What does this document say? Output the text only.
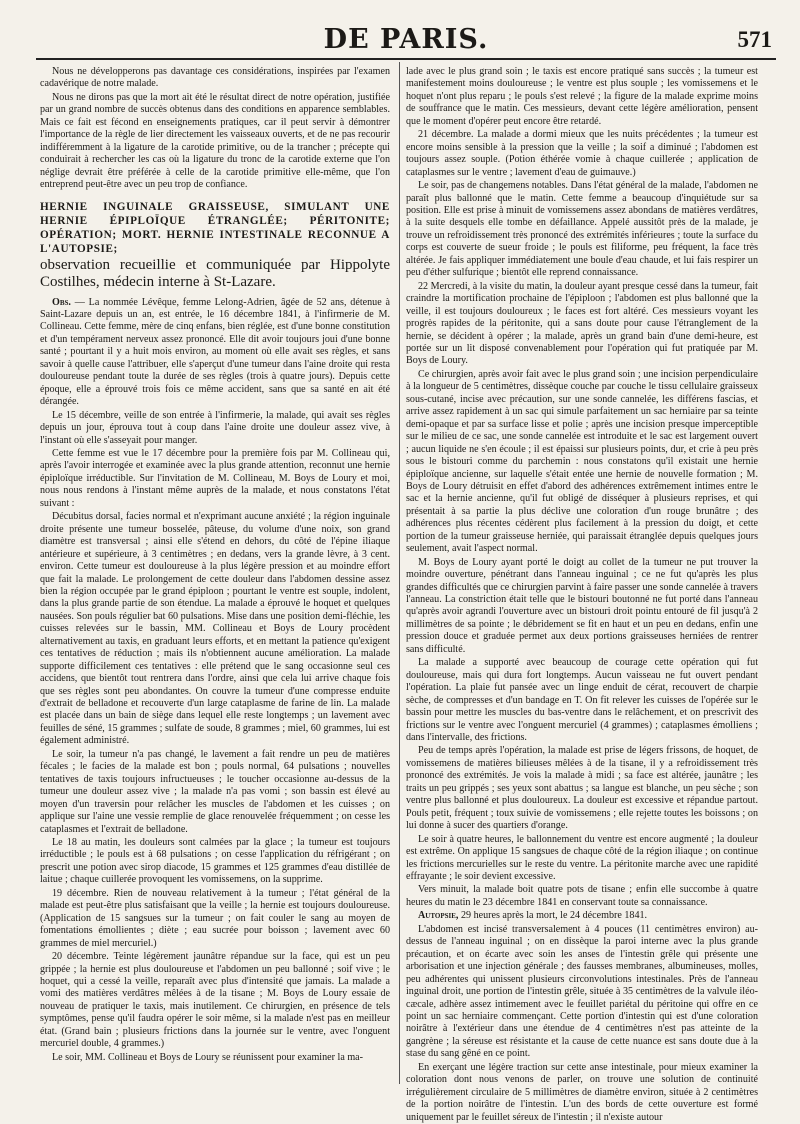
DE PARIS.	571

Nous ne développerons pas davantage ces considérations, inspirées par l'examen cadavérique de notre malade.

Nous ne dirons pas que la mort ait été le résultat direct de notre opération, justifiée par un grand nombre de succès obtenus dans des conditions en apparence semblables. Mais ce fait est fécond en enseignements pratiques, car il peut servir à démontrer l'importance de la règle de lier directement les vaisseaux ouverts, et de ne pas recourir indifféremment à la ligature de la carotide primitive, ou de la trancher ; précepte qui conduirait à rechercher les cas où la ligature du tronc de la carotide externe que l'on néglige devrait être préférée à celle de la carotide primitive elle-même, que l'on entreprend peut-être avec un peu trop de confiance.

HERNIE INGUINALE GRAISSEUSE, SIMULANT UNE HERNIE ÉPIPLOÏQUE ÉTRANGLÉE; PÉRITONITE; OPÉRATION; MORT. HERNIE INTESTINALE RECONNUE A L'AUTOPSIE;

observation recueillie et communiquée par Hippolyte Costilhes, médecin interne à St-Lazare.

Obs. — La nommée Lévêque, femme Lelong-Adrien, âgée de 52 ans, détenue à Saint-Lazare depuis un an, est entrée, le 16 décembre 1841, à l'infirmerie de M. Collineau. Cette femme, mère de cinq enfans, bien réglée, est d'une bonne constitution et d'un tempérament nerveux assez prononcé. Elle dit avoir toujours joui d'une bonne santé ; pourtant il y a huit mois environ, au moment où elle avait ses règles, et sans savoir à quelle cause l'attribuer, elle s'aperçut d'une tumeur dans l'aine droite qui resta douloureuse pendant toute la durée de ses règles (trois à quatre jours). Depuis cette époque, elle a éprouvé trois fois ce même accident, sans que sa santé en ait été dérangée.

Le 15 décembre, veille de son entrée à l'infirmerie, la malade, qui avait ses règles depuis un jour, éprouva tout à coup dans l'aine droite une douleur assez vive, à l'instant où elle s'asseyait pour manger.

Cette femme est vue le 17 décembre pour la première fois par M. Collineau qui, après l'avoir interrogée et examinée avec la plus grande attention, reconnut une hernie épiploïque irréductible. Sur l'invitation de M. Collineau, M. Boys de Loury et moi, nous nous rendons à l'instant même auprès de la malade, et nous constatons l'état suivant :

Décubitus dorsal, facies normal et n'exprimant aucune anxiété ; la région inguinale droite présente une tumeur bosselée, pâteuse, du volume d'une noix, son grand diamètre est transversal ; ainsi elle s'étend en dehors, du côté de l'épine iliaque antérieure et supérieure, à 3 centimètres ; en dedans, vers la grande lèvre, à 3 cent. environ. Cette tumeur est douloureuse à la plus légère pression et au moindre effort que fait la malade. Le prolongement de cette douleur dans l'abdomen dessine assez bien la région occupée par le grand épiploon ; pourtant le ventre est souple, indolent, dans la plus grande partie de son étendue. La malade a éprouvé le hoquet et quelques nausées. Son pouls régulier bat 60 pulsations. Mise dans une position demi-fléchie, les cuisses relevées sur le bassin, MM. Collineau et Boys de Loury procèdent alternativement au taxis, en graduant leurs efforts, et en mettant la patience qu'exigent ces tentatives de réduction ; mais ils n'obtiennent aucune amélioration. La malade supporte difficilement ces tentatives : elle prétend que le sang occasionne seul ces accidens, que bientôt tout rentrera dans l'ordre, ainsi que cela lui arrive chaque fois que ses règles sont peu abondantes. On couvre la tumeur d'une compresse enduite d'extrait de belladone et recouverte d'un large cataplasme de farine de lin. La malade est placée dans un bain de siège dans lequel elle reste longtemps ; un lavement avec feuilles de séné, 15 grammes ; sulfate de soude, 8 grammes ; miel, 60 grammes, lui est également administré.

Le soir, la tumeur n'a pas changé, le lavement a fait rendre un peu de matières fécales ; le facies de la malade est bon ; pouls normal, 64 pulsations ; nouvelles tentatives de taxis toujours infructueuses ; le toucher occasionne au-dessus de la tumeur une douleur assez vive ; la malade n'a pas vomi ; son bassin est élevé au moyen d'un traversin pour relâcher les muscles de l'abdomen et les cuisses ; on applique sur l'aine une vessie remplie de glace renouvelée fréquemment ; on cesse les cataplasmes et l'extrait de belladone.

Le 18 au matin, les douleurs sont calmées par la glace ; la tumeur est toujours irréductible ; le pouls est à 68 pulsations ; on cesse l'application du réfrigérant ; on prescrit une potion avec sirop diacode, 15 grammes et 125 grammes d'eau distillée de laitue ; chaque cuillerée provoquent les vomissemens, on la supprime.

19 décembre. Rien de nouveau relativement à la tumeur ; l'état général de la malade est peut-être plus satisfaisant que la veille ; la hernie est toujours douloureuse. (Application de 15 sangsues sur la tumeur ; on fait couler le sang au moyen de fomentations émollientes ; diète ; eau sucrée pour boisson ; lavement avec 60 grammes de miel mercuriel.)

20 décembre. Teinte légèrement jaunâtre répandue sur la face, qui est un peu grippée ; la hernie est plus douloureuse et l'abdomen un peu ballonné ; soif vive ; le hoquet, qui a cessé la veille, reparaît avec plus d'intensité que jamais. La malade a vomi des matières verdâtres mêlées à de la tisane ; M. Boys de Loury essaie de nouveau de pratiquer le taxis, mais inutilement. Ce chirurgien, en présence de tels symptômes, pense qu'il faudra opérer le soir même, si la malade n'est pas en meilleur état. (Grand bain ; plusieurs frictions dans la journée sur le ventre, avec l'onguent mercuriel double, 4 grammes.)

Le soir, MM. Collineau et Boys de Loury se réunissent pour examiner la ma-

lade avec le plus grand soin ; le taxis est encore pratiqué sans succès ; la tumeur est manifestement moins douloureuse ; le ventre est plus souple ; les vomissemens et le hoquet n'ont plus reparu ; le pouls s'est relevé ; la figure de la malade exprime moins de souffrance que le matin. Ces messieurs, devant cette légère amélioration, pensent que le moment d'opérer peut encore être retardé.

21 décembre. La malade a dormi mieux que les nuits précédentes ; la tumeur est encore moins sensible à la pression que la veille ; la soif a diminué ; l'abdomen est toujours assez souple. (Potion éthérée vomie à chaque cuillerée ; application de cataplasmes sur le ventre ; lavement d'eau de guimauve.)

Le soir, pas de changemens notables. Dans l'état général de la malade, l'abdomen ne paraît plus ballonné que le matin. Cette femme a beaucoup d'inquiétude sur sa position. Elle est prise à minuit de vomissemens assez abondans de matières verdâtres, à la suite desquels elle tombe en défaillance. Appelé aussitôt près de la malade, je trouve un refroidissement très prononcé des extrémités inférieures ; toute la surface du corps est couverte de sueur froide ; le pouls est filiforme, peu fréquent, la face très altérée. Je fais appliquer immédiatement une boule d'eau chaude, et lui fais respirer un peu d'éther sulfurique ; bientôt elle reprend connaissance.

22 Mercredi, à la visite du matin, la douleur ayant presque cessé dans la tumeur, fait craindre la mortification prochaine de l'épiploon ; l'abdomen est plus ballonné que la veille, il est toujours douloureux ; le faces est fort altéré. Ces messieurs voyant les progrès rapides de la péritonite, qui a sans doute pour cause l'étranglement de la hernie, se décident à opérer ; la malade, après un grand bain d'une demi-heure, est portée sur un lit disposé convenablement pour l'opération qui fut pratiquée par M. Boys de Loury.

Ce chirurgien, après avoir fait avec le plus grand soin ; une incision perpendiculaire à la longueur de 5 centimètres, dissèque couche par couche le tissu cellulaire graisseux sous-cutané, incise avec précaution, sur une sonde cannelée, les différens fascias, et arrive assez rapidement à un sac qui simule parfaitement un sac herniaire par sa teinte demi-opaque et par sa surface lisse et polie ; après une incision presque imperceptible sur le milieu de ce sac, une sonde cannelée est introduite et le sac est largement ouvert ; aucun liquide ne s'en écoule ; il est épaissi sur plusieurs points, dur, et crie à peu près sous le bistouri comme du parchemin : nous constatons qu'il existait une hernie épiploïque ancienne, sur laquelle s'était entée une hernie de nouvelle formation ; M. Boys de Loury détruisit en effet d'abord des adhérences extrêmement intimes entre le sac et la hernie ancienne, qu'il fut obligé de disséquer à plusieurs reprises, et qui présentait à sa partie la plus déclive une coloration d'un rouge brunâtre ; des adhérences plus récentes cédèrent plus facilement à la pression du doigt, et cette portion de la tumeur graisseuse herniée, qui paraissait étranglée depuis quelques jours seulement, avait l'aspect normal.

M. Boys de Loury ayant porté le doigt au collet de la tumeur ne put trouver la moindre ouverture, pénétrant dans l'anneau inguinal ; ce ne fut qu'après les plus grandes difficultés que ce chirurgien parvint à faire passer une sonde cannelée à travers l'anneau. La constriction était telle que le bistouri boutonné ne fut porté dans l'anneau qu'après avoir agrandi l'ouverture avec un bistouri droit pointu entouré de fil jusqu'à 2 millimètres de sa pointe ; le débridement se fit en haut et un peu en dedans, enfin une pression douce et graduée permet aux deux portions graisseuses herniées de rentrer sans difficulté.

La malade a supporté avec beaucoup de courage cette opération qui fut douloureuse, mais qui dura fort longtemps. Aucun vaisseau ne fut ouvert pendant l'opération. La plaie fut pansée avec un linge enduit de cérat, recouvert de charpie sèche, de compresses et d'un bandage en T. On fit relever les cuisses de l'opérée sur le bassin pour mettre les muscles du bas-ventre dans le relâchement, et on prescrivit des frictions sur le ventre avec l'onguent mercuriel (4 grammes) ; cataplasmes émolliens ; dans l'intervalle, des frictions.

Peu de temps après l'opération, la malade est prise de légers frissons, de hoquet, de vomissemens de matières bilieuses mêlées à de la tisane, il y a refroidissement très prononcé des extrémités. Je vois la malade à midi ; sa face est altérée, jaunâtre ; les traits un peu grippés ; ses yeux sont abattus ; sa langue est blanche, un peu sèche ; son ventre plus ballonné et plus douloureux. La douleur est excessive et répandue partout. Pouls petit, fréquent ; toux suivie de vomissemens ; elle rejette toutes les boissons ; on lui donne à sucer des quartiers d'orange.

Le soir à quatre heures, le ballonnement du ventre est encore augmenté ; la douleur est extrême. On applique 15 sangsues de chaque côté de la région iliaque ; on continue les frictions mercurielles sur le reste du ventre. La péritonite marche avec une rapidité effrayante ; le soir devient excessive.

Vers minuit, la malade boit quatre pots de tisane ; enfin elle succombe à quatre heures du matin le 23 décembre 1841 en conservant toute sa connaissance.

Autopsie, 29 heures après la mort, le 24 décembre 1841.

L'abdomen est incisé transversalement à 4 pouces (11 centimètres environ) au-dessus de l'anneau inguinal ; on en dissèque la paroi interne avec la plus grande précaution, et on écarte avec soin les anses de l'intestin grêle qui présente une arborisation et une injection générale ; des fausses membranes, albumineuses, molles, peu adhérentes qui unissent plusieurs circonvolutions intestinales. Près de l'anneau inguinal droit, une portion de l'intestin grêle, située à 35 centimètres de la valvule iléo-cæcale, adhère assez intimement avec le feuillet pariétal du péritoine qui offre en ce point un sac herniaire commençant. Cette portion d'intestin qui est d'une coloration noirâtre à l'extérieur dans une étendue de 4 centimètres n'est pas atteinte de la gangrène ; la séreuse est résistante et la cause de cette nuance est sans doute due à la stase du sang gêné en ce point.

En exerçant une légère traction sur cette anse intestinale, pour mieux examiner la coloration dont nous venons de parler, on trouve une solution de continuité irrégulièrement circulaire de 5 millimètres de diamètre environ, située à 2 centimètres de la portion noirâtre de l'intestin. L'un des bords de cette ouverture est formé uniquement par le feuillet séreux de l'intestin ; il n'existe autour
